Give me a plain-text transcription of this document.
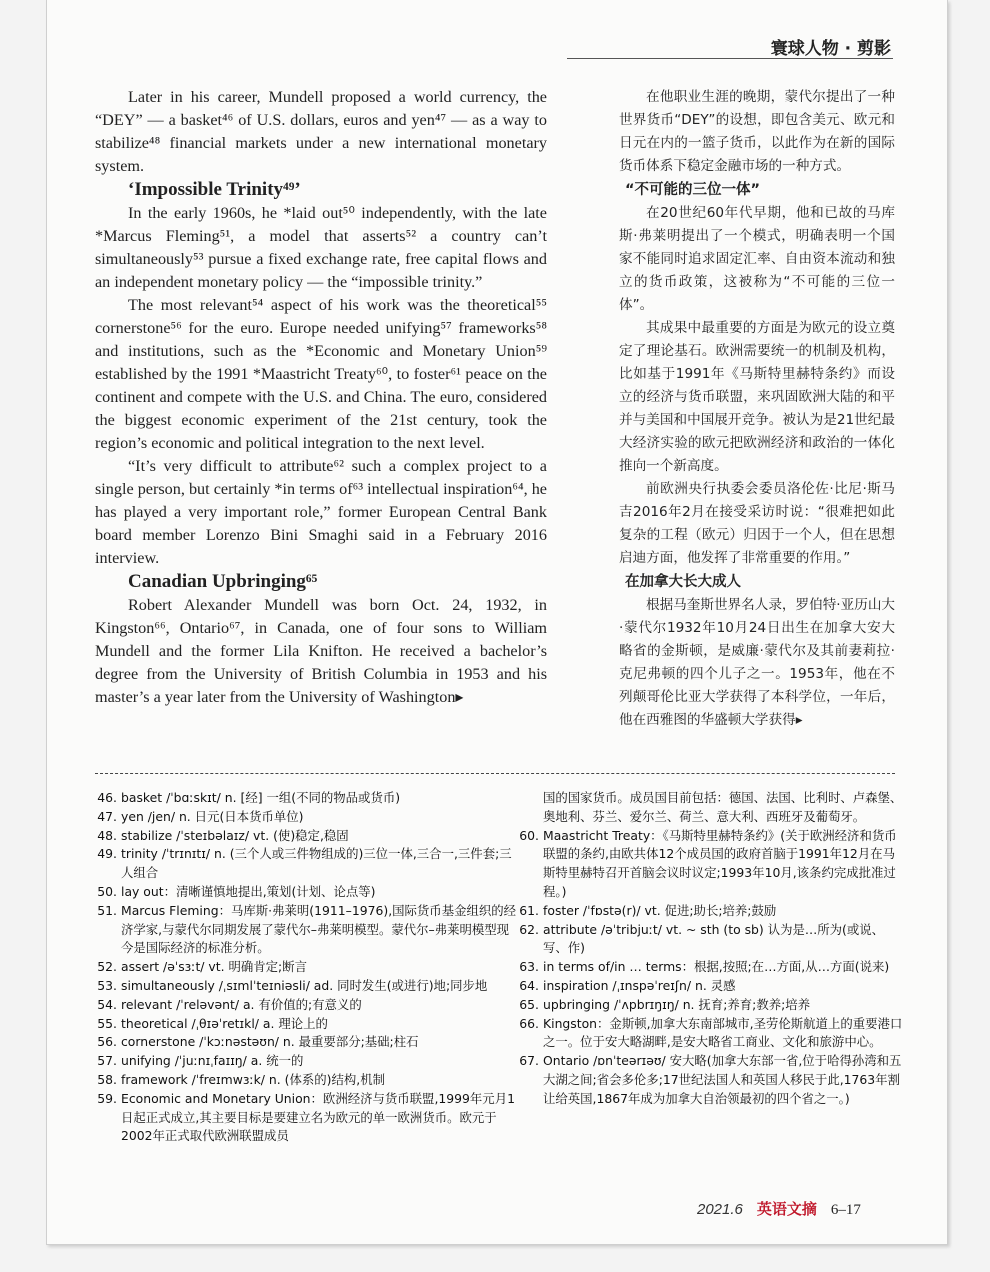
寰球人物 · 剪影

Later in his career, Mundell proposed a world currency, the “DEY” — a basket⁴⁶ of U.S. dollars, euros and yen⁴⁷ — as a way to stabilize⁴⁸ financial markets under a new international monetary system.

‘Impossible Trinity⁴⁹’

In the early 1960s, he *laid out⁵⁰ independently, with the late *Marcus Fleming⁵¹, a model that asserts⁵² a country can’t simultaneously⁵³ pursue a fixed exchange rate, free capital flows and an independent monetary policy — the “impossible trinity.”

The most relevant⁵⁴ aspect of his work was the theoretical⁵⁵ cornerstone⁵⁶ for the euro. Europe needed unifying⁵⁷ frameworks⁵⁸ and institutions, such as the *Economic and Monetary Union⁵⁹ established by the 1991 *Maastricht Treaty⁶⁰, to foster⁶¹ peace on the continent and compete with the U.S. and China. The euro, considered the biggest economic experiment of the 21st century, took the region’s economic and political integration to the next level.

“It’s very difficult to attribute⁶² such a complex project to a single person, but certainly *in terms of⁶³ intellectual inspiration⁶⁴, he has played a very important role,” former European Central Bank board member Lorenzo Bini Smaghi said in a February 2016 interview.

Canadian Upbringing⁶⁵

Robert Alexander Mundell was born Oct. 24, 1932, in Kingston⁶⁶, Ontario⁶⁷, in Canada, one of four sons to William Mundell and the former Lila Knifton. He received a bachelor’s degree from the University of British Columbia in 1953 and his master’s a year later from the University of Washington▸

在他职业生涯的晚期，蒙代尔提出了一种世界货币“DEY”的设想，即包含美元、欧元和日元在内的一篮子货币，以此作为在新的国际货币体系下稳定金融市场的一种方式。

“不可能的三位一体”

在20世纪60年代早期，他和已故的马库斯·弗莱明提出了一个模式，明确表明一个国家不能同时追求固定汇率、自由资本流动和独立的货币政策，这被称为“不可能的三位一体”。

其成果中最重要的方面是为欧元的设立奠定了理论基石。欧洲需要统一的机制及机构，比如基于1991年《马斯特里赫特条约》而设立的经济与货币联盟，来巩固欧洲大陆的和平并与美国和中国展开竞争。被认为是21世纪最大经济实验的欧元把欧洲经济和政治的一体化推向一个新高度。

前欧洲央行执委会委员洛伦佐·比尼·斯马吉2016年2月在接受采访时说：“很难把如此复杂的工程（欧元）归因于一个人，但在思想启迪方面，他发挥了非常重要的作用。”

在加拿大长大成人

根据马奎斯世界名人录，罗伯特·亚历山大·蒙代尔1932年10月24日出生在加拿大安大略省的金斯顿，是威廉·蒙代尔及其前妻莉拉·克尼弗顿的四个儿子之一。1953年，他在不列颠哥伦比亚大学获得了本科学位，一年后，他在西雅图的华盛顿大学获得▸

46. basket /ˈbɑːskɪt/ n. [经] 一组(不同的物品或货币)
47. yen /jen/ n. 日元(日本货币单位)
48. stabilize /ˈsteɪbəlaɪz/ vt. (使)稳定,稳固
49. trinity /ˈtrɪnɪtɪ/ n. (三个人或三件物组成的)三位一体,三合一,三件套;三人组合
50. lay out：清晰谨慎地提出,策划(计划、论点等)
51. Marcus Fleming：马库斯·弗莱明(1911–1976),国际货币基金组织的经济学家,与蒙代尔同期发展了蒙代尔–弗莱明模型。蒙代尔–弗莱明模型现今是国际经济的标准分析。
52. assert /əˈsɜːt/ vt. 明确肯定;断言
53. simultaneously /ˌsɪmlˈteɪniəsli/ ad. 同时发生(或进行)地;同步地
54. relevant /ˈreləvənt/ a. 有价值的;有意义的
55. theoretical /ˌθɪəˈretɪkl/ a. 理论上的
56. cornerstone /ˈkɔːnəstəʊn/ n. 最重要部分;基础;柱石
57. unifying /ˈjuːnɪˌfaɪɪŋ/ a. 统一的
58. framework /ˈfreɪmwɜːk/ n. (体系的)结构,机制
59. Economic and Monetary Union：欧洲经济与货币联盟,1999年元月1日起正式成立,其主要目标是要建立名为欧元的单一欧洲货币。欧元于2002年正式取代欧洲联盟成员
国的国家货币。成员国目前包括：德国、法国、比利时、卢森堡、奥地利、芬兰、爱尔兰、荷兰、意大利、西班牙及葡萄牙。
60. Maastricht Treaty：《马斯特里赫特条约》(关于欧洲经济和货币联盟的条约,由欧共体12个成员国的政府首脑于1991年12月在马斯特里赫特召开首脑会议时议定;1993年10月,该条约完成批准过程。)
61. foster /ˈfɒstə(r)/ vt. 促进;助长;培养;鼓励
62. attribute /əˈtribjuːt/ vt. ~ sth (to sb) 认为是…所为(或说、写、作)
63. in terms of/in … terms：根据,按照;在…方面,从…方面(说来)
64. inspiration /ˌɪnspəˈreɪʃn/ n. 灵感
65. upbringing /ˈʌpbrɪŋɪŋ/ n. 抚育;养育;教养;培养
66. Kingston：金斯顿,加拿大东南部城市,圣劳伦斯航道上的重要港口之一。位于安大略湖畔,是安大略省工商业、文化和旅游中心。
67. Ontario /ɒnˈteərɪəʊ/ 安大略(加拿大东部一省,位于哈得孙湾和五大湖之间;省会多伦多;17世纪法国人和英国人移民于此,1763年割让给英国,1867年成为加拿大自治领最初的四个省之一。)
2021.6 英语文摘 6–17
